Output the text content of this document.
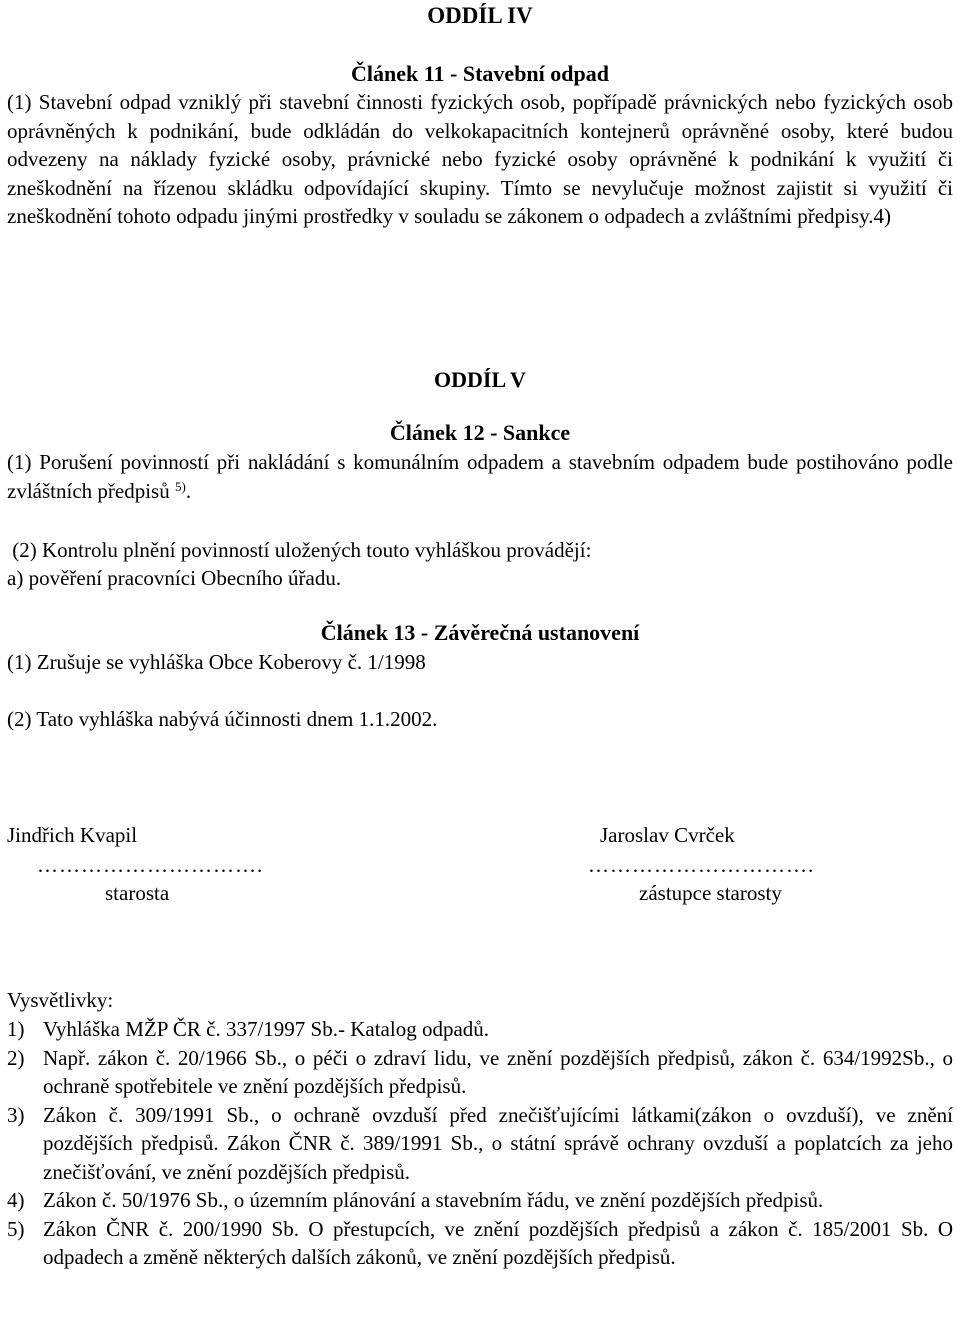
ODDÍL IV
Článek 11 - Stavební odpad
(1) Stavební odpad vzniklý při stavební činnosti fyzických osob, popřípadě právnických nebo fyzických osob oprávněných k podnikání, bude odkládán do velkokapacitních kontejnerů oprávněné osoby, které budou odvezeny na náklady fyzické osoby, právnické nebo fyzické osoby oprávněné k podnikání k využití či zneškodnění na řízenou skládku odpovídající skupiny. Tímto se nevylučuje možnost zajistit si využití či zneškodnění tohoto odpadu jinými prostředky v souladu se zákonem o odpadech a zvláštními předpisy.4)
ODDÍL V
Článek 12 - Sankce
(1) Porušení povinností při nakládání s komunálním odpadem a stavebním odpadem bude postihováno podle zvláštních předpisů $^{5)}$.
(2) Kontrolu plnění povinností uložených touto vyhláškou provádějí:
a) pověření pracovníci Obecního úřadu.
Článek 13 - Závěrečná ustanovení
(1) Zrušuje se vyhláška Obce Koberovy č. 1/1998
(2) Tato vyhláška nabývá účinnosti dnem 1.1.2002.
Jindřich Kvapil
………………………….
starosta
Jaroslav Cvrček
………………………….
zástupce starosty
Vysvětlivky:
1) Vyhláška MŽP ČR č. 337/1997 Sb.- Katalog odpadů.
2) Např. zákon č. 20/1966 Sb., o péči o zdraví lidu, ve znění pozdějších předpisů, zákon č. 634/1992Sb., o ochraně spotřebitele ve znění pozdějších předpisů.
3) Zákon č. 309/1991 Sb., o ochraně ovzduší před znečišťujícími látkami(zákon o ovzduší), ve znění pozdějších předpisů. Zákon ČNR č. 389/1991 Sb., o státní správě ochrany ovzduší a poplatcích za jeho znečišťování, ve znění pozdějších předpisů.
4) Zákon č. 50/1976 Sb., o územním plánování a stavebním řádu, ve znění pozdějších předpisů.
5) Zákon ČNR č. 200/1990 Sb. O přestupcích, ve znění pozdějších předpisů a zákon č. 185/2001 Sb. O odpadech a změně některých dalších zákonů, ve znění pozdějších předpisů.
